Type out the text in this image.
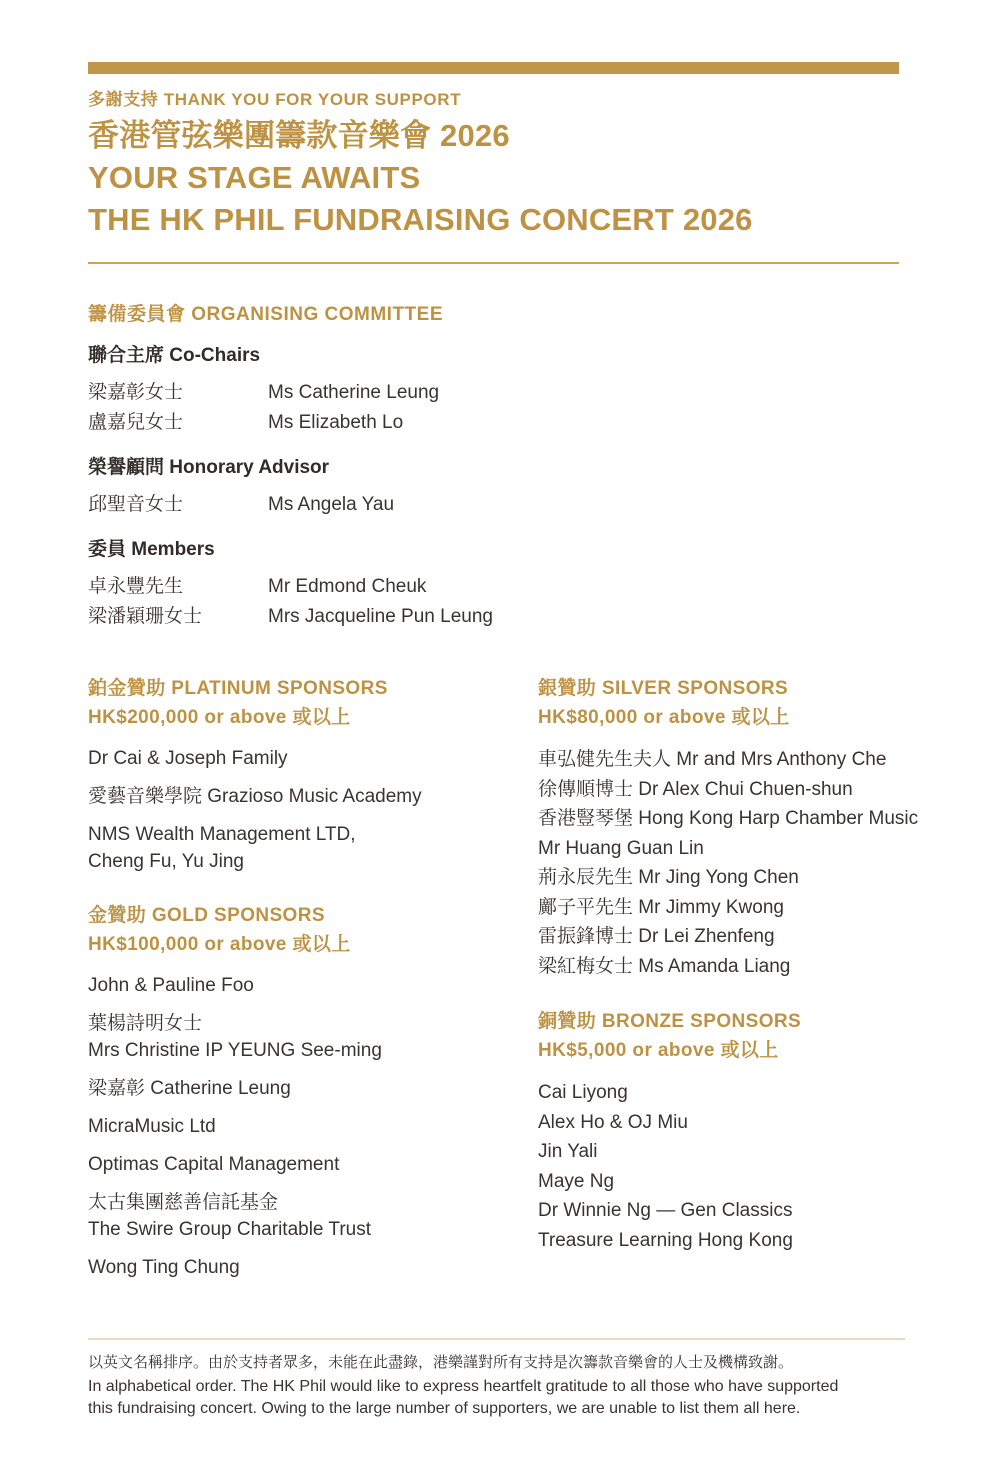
多謝支持 THANK YOU FOR YOUR SUPPORT
香港管弦樂團籌款音樂會 2026
YOUR STAGE AWAITS
THE HK PHIL FUNDRAISING CONCERT 2026
籌備委員會 ORGANISING COMMITTEE
聯合主席 Co-Chairs
梁嘉彰女士	Ms Catherine Leung
盧嘉兒女士	Ms Elizabeth Lo
榮譽顧問 Honorary Advisor
邱聖音女士	Ms Angela Yau
委員 Members
卓永豐先生	Mr Edmond Cheuk
梁潘穎珊女士	Mrs Jacqueline Pun Leung
鉑金贊助 PLATINUM SPONSORS
HK$200,000 or above 或以上
Dr Cai & Joseph Family
愛藝音樂學院 Grazioso Music Academy
NMS Wealth Management LTD,
Cheng Fu, Yu Jing
金贊助 GOLD SPONSORS
HK$100,000 or above 或以上
John & Pauline Foo
葉楊詩明女士
Mrs Christine IP YEUNG See-ming
梁嘉彰 Catherine Leung
MicraMusic Ltd
Optimas Capital Management
太古集團慈善信託基金
The Swire Group Charitable Trust
Wong Ting Chung
銀贊助 SILVER SPONSORS
HK$80,000 or above 或以上
車弘健先生夫人 Mr and Mrs Anthony Che
徐傳順博士 Dr Alex Chui Chuen-shun
香港豎琴堡 Hong Kong Harp Chamber Music
Mr Huang Guan Lin
荊永辰先生 Mr Jing Yong Chen
鄺子平先生 Mr Jimmy Kwong
雷振鋒博士 Dr Lei Zhenfeng
梁紅梅女士 Ms Amanda Liang
銅贊助 BRONZE SPONSORS
HK$5,000 or above 或以上
Cai Liyong
Alex Ho & OJ Miu
Jin Yali
Maye Ng
Dr Winnie Ng — Gen Classics
Treasure Learning Hong Kong
以英文名稱排序。由於支持者眾多，未能在此盡錄，港樂謹對所有支持是次籌款音樂會的人士及機構致謝。
In alphabetical order. The HK Phil would like to express heartfelt gratitude to all those who have supported
this fundraising concert. Owing to the large number of supporters, we are unable to list them all here.
